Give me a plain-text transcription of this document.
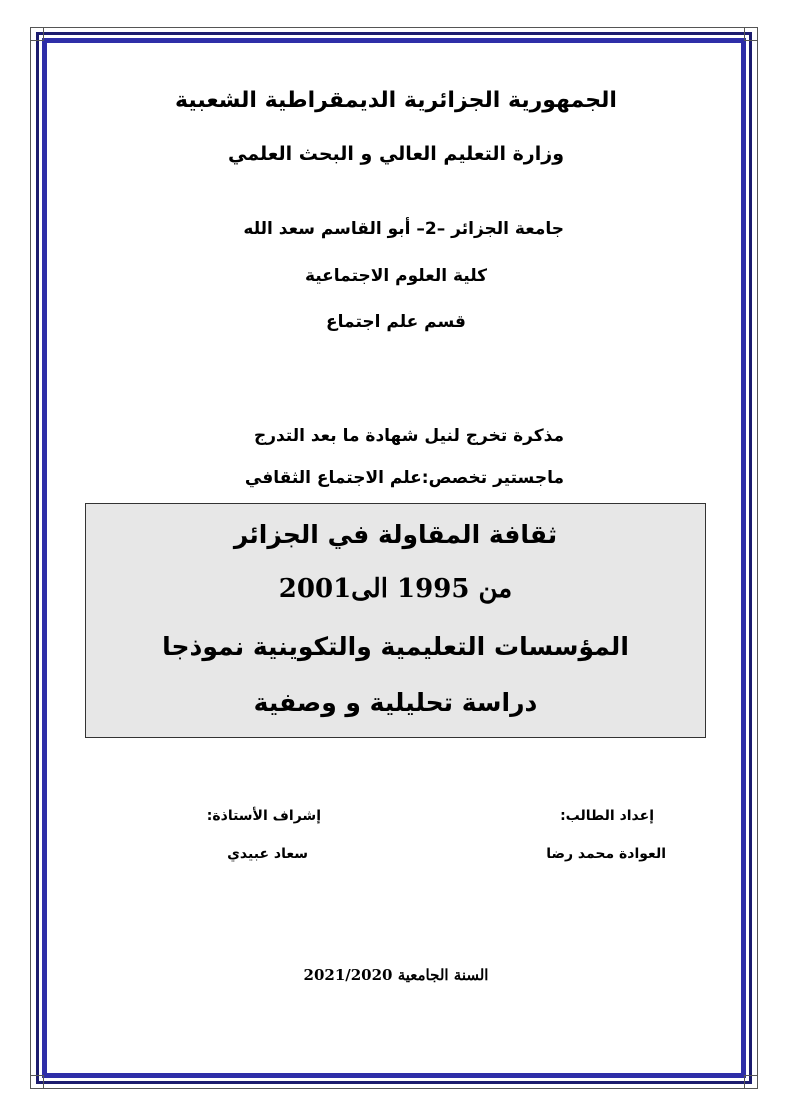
الجمهورية الجزائرية الديمقراطية الشعبية
وزارة التعليم العالي و البحث العلمي
جامعة الجزائر –2– أبو القاسم سعد الله
كلية العلوم الاجتماعية
قسم علم اجتماع
مذكرة تخرج لنيل شهادة ما بعد التدرج
ماجستير تخصص:علم الاجتماع الثقافي
ثقافة المقاولة في الجزائر
من 1995 الى2001
المؤسسات التعليمية والتكوينية نموذجا
دراسة تحليلية و وصفية
إعداد الطالب:
العوادة محمد رضا
إشراف الأستاذة:
سعاد عبيدي
السنة الجامعية 2021/2020
